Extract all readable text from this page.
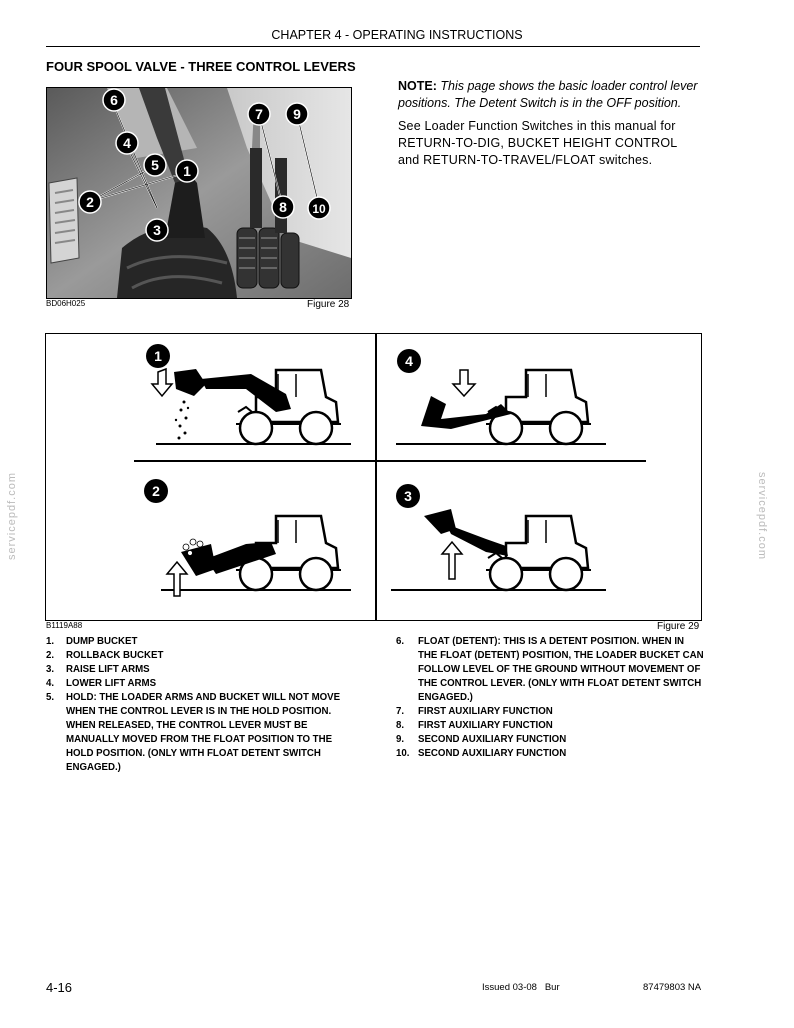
CHAPTER 4 - OPERATING INSTRUCTIONS
FOUR SPOOL VALVE - THREE CONTROL LEVERS
6
4
5 1
2
3
7 9
8 10
BD06H025	Figure 28

NOTE: This page shows the basic loader control lever positions. The Detent Switch is in the OFF position.

See Loader Function Switches in this manual for RETURN-TO-DIG, BUCKET HEIGHT CONTROL and RETURN-TO-TRAVEL/FLOAT switches.

1	4
2	3
B1119A88	Figure 29
1.	DUMP BUCKET
2.	ROLLBACK BUCKET
3.	RAISE LIFT ARMS
4.	LOWER LIFT ARMS
5.	HOLD: THE LOADER ARMS AND BUCKET WILL NOT MOVE WHEN THE CONTROL LEVER IS IN THE HOLD POSITION. WHEN RELEASED, THE CONTROL LEVER MUST BE MANUALLY MOVED FROM THE FLOAT POSITION TO THE HOLD POSITION. (ONLY WITH FLOAT DETENT SWITCH ENGAGED.)
6.	FLOAT (DETENT): THIS IS A DETENT POSITION. WHEN IN THE FLOAT (DETENT) POSITION, THE LOADER BUCKET CAN FOLLOW LEVEL OF THE GROUND WITHOUT MOVEMENT OF THE CONTROL LEVER. (ONLY WITH FLOAT DETENT SWITCH ENGAGED.)
7.	FIRST AUXILIARY FUNCTION
8.	FIRST AUXILIARY FUNCTION
9.	SECOND AUXILIARY FUNCTION
10. SECOND AUXILIARY FUNCTION
servicepdf.com	servicepdf.com
4-16	Issued 03-08   Bur	87479803 NA
